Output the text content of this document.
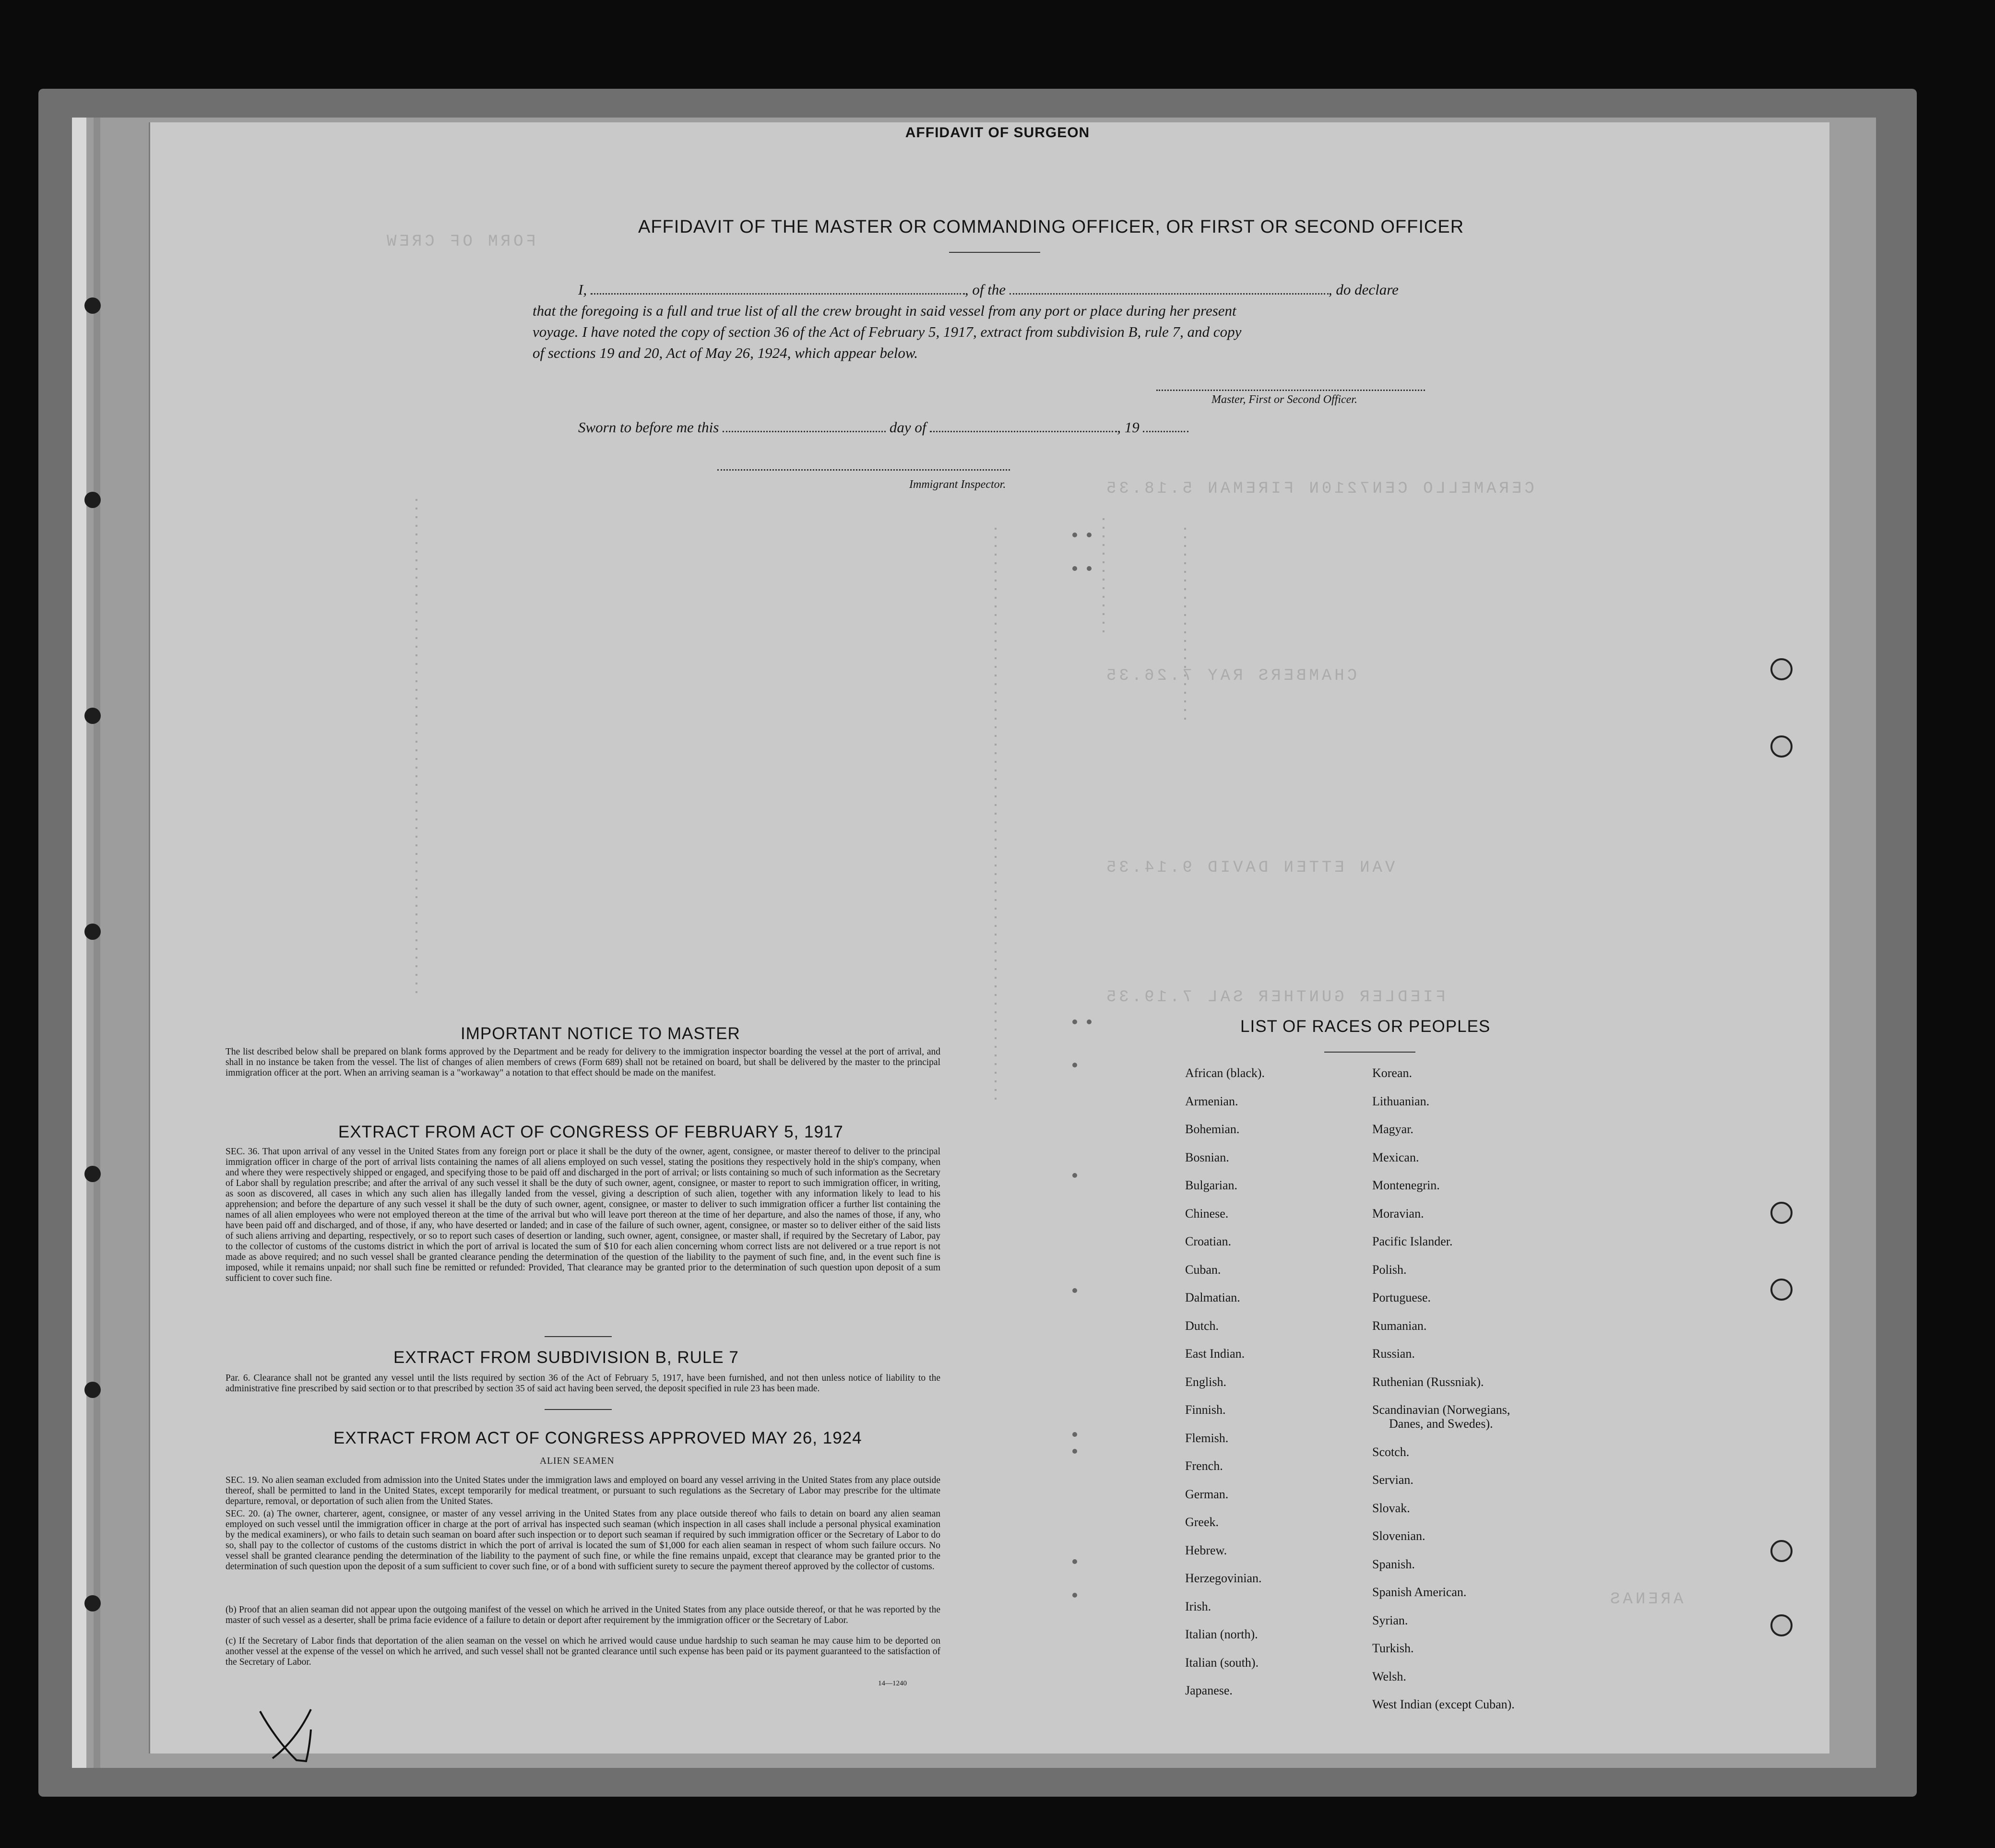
FORM OF CREW
CERAMELLO CEN7210N FIREMAN 5.18.35
CHAMBERS RAY 7.26.35
VAN ETTEN DAVID 9.14.35
FIEDLER GUNTHER SAL 7.19.35
ARENAS
AFFIDAVIT OF SURGEON
AFFIDAVIT OF THE MASTER OR COMMANDING OFFICER, OR FIRST OR SECOND OFFICER
I,	, of the	, do declare
that the foregoing is a full and true list of all the crew brought in said vessel from any port or place during her present
voyage. I have noted the copy of section 36 of the Act of February 5, 1917, extract from subdivision B, rule 7, and copy
of sections 19 and 20, Act of May 26, 1924, which appear below.
Master, First or Second Officer.
Sworn to before me this	day of	, 19
Immigrant Inspector.
IMPORTANT NOTICE TO MASTER
The list described below shall be prepared on blank forms approved by the Department and be ready for delivery to the immigration inspector boarding the vessel at the port of arrival, and shall in no instance be taken from the vessel. The list of changes of alien members of crews (Form 689) shall not be retained on board, but shall be delivered by the master to the principal immigration officer at the port. When an arriving seaman is a "workaway" a notation to that effect should be made on the manifest.
EXTRACT FROM ACT OF CONGRESS OF FEBRUARY 5, 1917
SEC. 36. That upon arrival of any vessel in the United States from any foreign port or place it shall be the duty of the owner, agent, consignee, or master thereof to deliver to the principal immigration officer in charge of the port of arrival lists containing the names of all aliens employed on such vessel, stating the positions they respectively hold in the ship's company, when and where they were respectively shipped or engaged, and specifying those to be paid off and discharged in the port of arrival; or lists containing so much of such information as the Secretary of Labor shall by regulation prescribe; and after the arrival of any such vessel it shall be the duty of such owner, agent, consignee, or master to report to such immigration officer, in writing, as soon as discovered, all cases in which any such alien has illegally landed from the vessel, giving a description of such alien, together with any information likely to lead to his apprehension; and before the departure of any such vessel it shall be the duty of such owner, agent, consignee, or master to deliver to such immigration officer a further list containing the names of all alien employees who were not employed thereon at the time of the arrival but who will leave port thereon at the time of her departure, and also the names of those, if any, who have been paid off and discharged, and of those, if any, who have deserted or landed; and in case of the failure of such owner, agent, consignee, or master so to deliver either of the said lists of such aliens arriving and departing, respectively, or so to report such cases of desertion or landing, such owner, agent, consignee, or master shall, if required by the Secretary of Labor, pay to the collector of customs of the customs district in which the port of arrival is located the sum of $10 for each alien concerning whom correct lists are not delivered or a true report is not made as above required; and no such vessel shall be granted clearance pending the determination of the question of the liability to the payment of such fine, and, in the event such fine is imposed, while it remains unpaid; nor shall such fine be remitted or refunded: Provided, That clearance may be granted prior to the determination of such question upon deposit of a sum sufficient to cover such fine.
EXTRACT FROM SUBDIVISION B, RULE 7
Par. 6. Clearance shall not be granted any vessel until the lists required by section 36 of the Act of February 5, 1917, have been furnished, and not then unless notice of liability to the administrative fine prescribed by said section or to that prescribed by section 35 of said act having been served, the deposit specified in rule 23 has been made.
EXTRACT FROM ACT OF CONGRESS APPROVED MAY 26, 1924
ALIEN SEAMEN
SEC. 19. No alien seaman excluded from admission into the United States under the immigration laws and employed on board any vessel arriving in the United States from any place outside thereof, shall be permitted to land in the United States, except temporarily for medical treatment, or pursuant to such regulations as the Secretary of Labor may prescribe for the ultimate departure, removal, or deportation of such alien from the United States.
SEC. 20. (a) The owner, charterer, agent, consignee, or master of any vessel arriving in the United States from any place outside thereof who fails to detain on board any alien seaman employed on such vessel until the immigration officer in charge at the port of arrival has inspected such seaman (which inspection in all cases shall include a personal physical examination by the medical examiners), or who fails to detain such seaman on board after such inspection or to deport such seaman if required by such immigration officer or the Secretary of Labor to do so, shall pay to the collector of customs of the customs district in which the port of arrival is located the sum of $1,000 for each alien seaman in respect of whom such failure occurs. No vessel shall be granted clearance pending the determination of the liability to the payment of such fine, or while the fine remains unpaid, except that clearance may be granted prior to the determination of such question upon the deposit of a sum sufficient to cover such fine, or of a bond with sufficient surety to secure the payment thereof approved by the collector of customs.
(b) Proof that an alien seaman did not appear upon the outgoing manifest of the vessel on which he arrived in the United States from any place outside thereof, or that he was reported by the master of such vessel as a deserter, shall be prima facie evidence of a failure to detain or deport after requirement by the immigration officer or the Secretary of Labor.
(c) If the Secretary of Labor finds that deportation of the alien seaman on the vessel on which he arrived would cause undue hardship to such seaman he may cause him to be deported on another vessel at the expense of the vessel on which he arrived, and such vessel shall not be granted clearance until such expense has been paid or its payment guaranteed to the satisfaction of the Secretary of Labor.
14—1240
LIST OF RACES OR PEOPLES
African (black).
Armenian.
Bohemian.
Bosnian.
Bulgarian.
Chinese.
Croatian.
Cuban.
Dalmatian.
Dutch.
East Indian.
English.
Finnish.
Flemish.
French.
German.
Greek.
Hebrew.
Herzegovinian.
Irish.
Italian (north).
Italian (south).
Japanese.
Korean.
Lithuanian.
Magyar.
Mexican.
Montenegrin.
Moravian.
Pacific Islander.
Polish.
Portuguese.
Rumanian.
Russian.
Ruthenian (Russniak).
Scandinavian (Norwegians,
Danes, and Swedes).
Scotch.
Servian.
Slovak.
Slovenian.
Spanish.
Spanish American.
Syrian.
Turkish.
Welsh.
West Indian (except Cuban).
